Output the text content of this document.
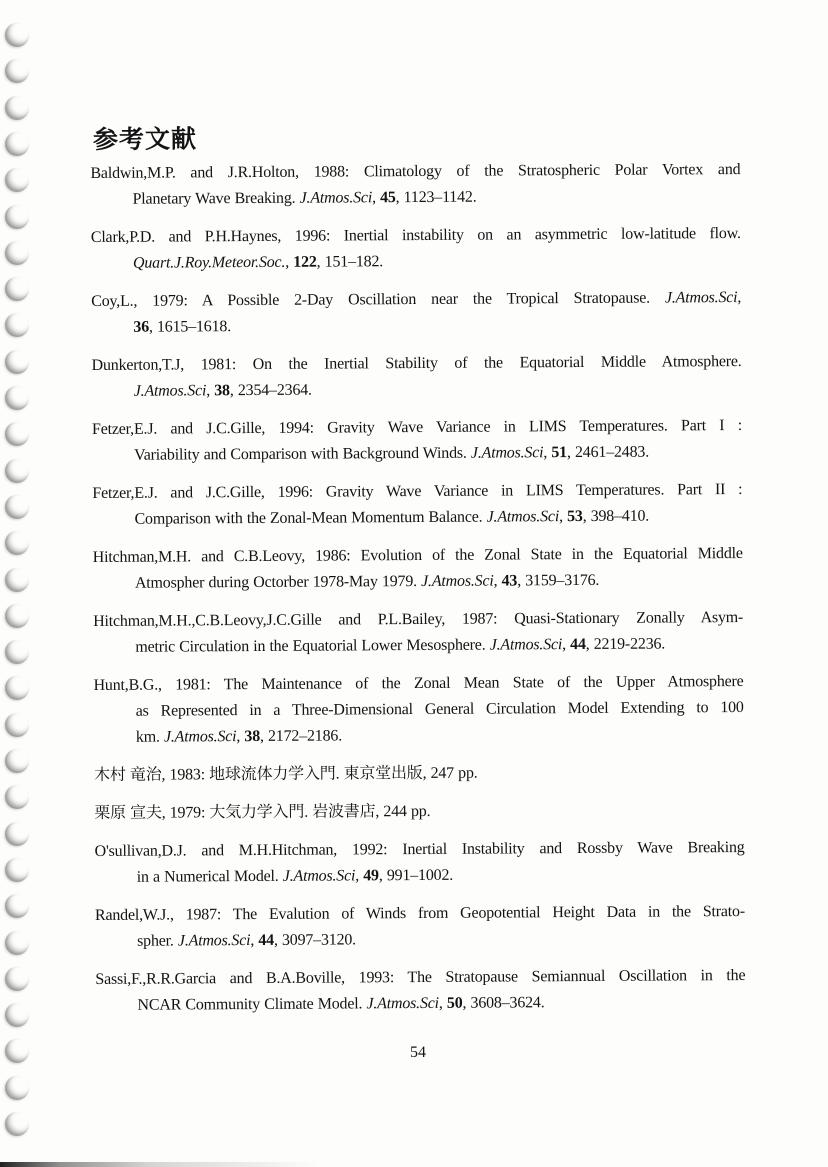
参考文献
Baldwin,M.P. and J.R.Holton, 1988: Climatology of the Stratospheric Polar Vortex and
Planetary Wave Breaking. J.Atmos.Sci, 45, 1123–1142.
Clark,P.D. and P.H.Haynes, 1996: Inertial instability on an asymmetric low-latitude flow.
Quart.J.Roy.Meteor.Soc., 122, 151–182.
Coy,L., 1979: A Possible 2-Day Oscillation near the Tropical Stratopause. J.Atmos.Sci,
36, 1615–1618.
Dunkerton,T.J, 1981: On the Inertial Stability of the Equatorial Middle Atmosphere.
J.Atmos.Sci, 38, 2354–2364.
Fetzer,E.J. and J.C.Gille, 1994: Gravity Wave Variance in LIMS Temperatures. Part I :
Variability and Comparison with Background Winds. J.Atmos.Sci, 51, 2461–2483.
Fetzer,E.J. and J.C.Gille, 1996: Gravity Wave Variance in LIMS Temperatures. Part II :
Comparison with the Zonal-Mean Momentum Balance. J.Atmos.Sci, 53, 398–410.
Hitchman,M.H. and C.B.Leovy, 1986: Evolution of the Zonal State in the Equatorial Middle
Atmospher during Octorber 1978-May 1979. J.Atmos.Sci, 43, 3159–3176.
Hitchman,M.H.,C.B.Leovy,J.C.Gille and P.L.Bailey, 1987: Quasi-Stationary Zonally Asym-
metric Circulation in the Equatorial Lower Mesosphere. J.Atmos.Sci, 44, 2219-2236.
Hunt,B.G., 1981: The Maintenance of the Zonal Mean State of the Upper Atmosphere
as Represented in a Three-Dimensional General Circulation Model Extending to 100
km. J.Atmos.Sci, 38, 2172–2186.
木村 竜治, 1983: 地球流体力学入門. 東京堂出版, 247 pp.
栗原 宣夫, 1979: 大気力学入門. 岩波書店, 244 pp.
O'sullivan,D.J. and M.H.Hitchman, 1992: Inertial Instability and Rossby Wave Breaking
in a Numerical Model. J.Atmos.Sci, 49, 991–1002.
Randel,W.J., 1987: The Evalution of Winds from Geopotential Height Data in the Strato-
spher. J.Atmos.Sci, 44, 3097–3120.
Sassi,F.,R.R.Garcia and B.A.Boville, 1993: The Stratopause Semiannual Oscillation in the
NCAR Community Climate Model. J.Atmos.Sci, 50, 3608–3624.
54
